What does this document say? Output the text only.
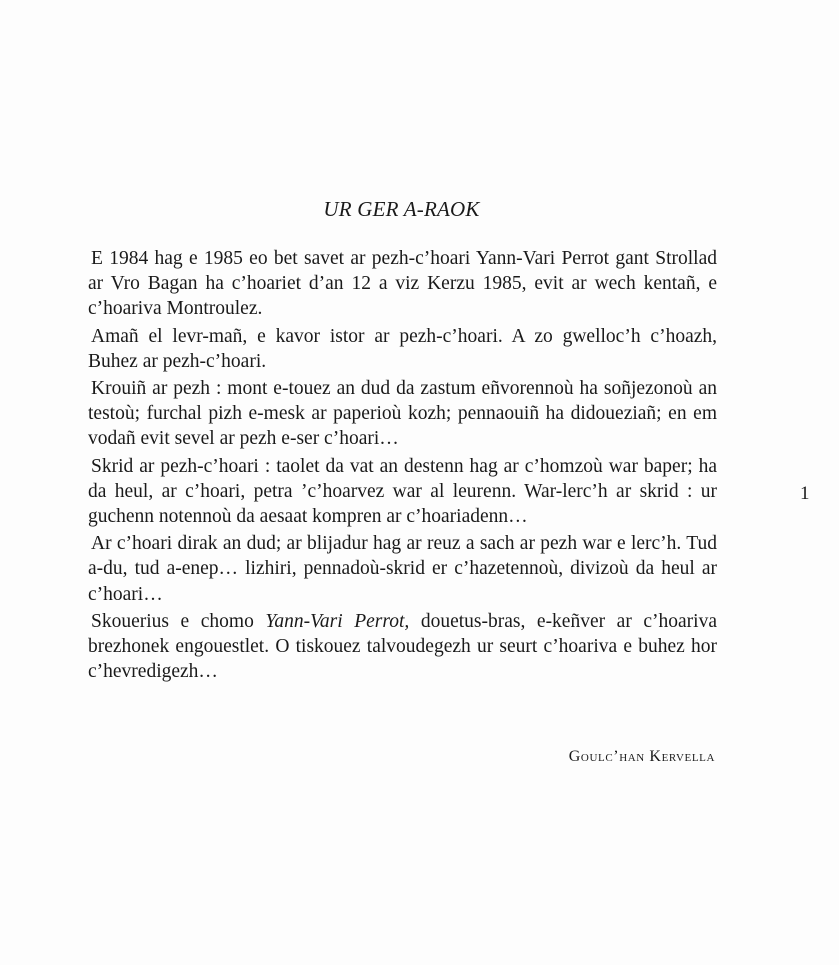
UR GER A-RAOK

E 1984 hag e 1985 eo bet savet ar pezh-c’hoari Yann-Vari Perrot gant Strollad ar Vro Bagan ha c’hoariet d’an 12 a viz Kerzu 1985, evit ar wech kentañ, e c’hoariva Montroulez.

Amañ el levr-mañ, e kavor istor ar pezh-c’hoari. A zo gwelloc’h c’hoazh, Buhez ar pezh-c’hoari.

Krouiñ ar pezh : mont e-touez an dud da zastum eñvorennoù ha soñjezonoù an testoù; furchal pizh e-mesk ar paperioù kozh; pennaouiñ ha didoueziañ; en em vodañ evit sevel ar pezh e-ser c’hoari…

Skrid ar pezh-c’hoari : taolet da vat an destenn hag ar c’homzoù war baper; ha da heul, ar c’hoari, petra ’c’hoarvez war al leurenn. War-lerc’h ar skrid : ur guchenn notennoù da aesaat kompren ar c’hoariadenn…

Ar c’hoari dirak an dud; ar blijadur hag ar reuz a sach ar pezh war e lerc’h. Tud a-du, tud a-enep… lizhiri, pennadoù-skrid er c’hazetennoù, divizoù da heul ar c’hoari…

Skouerius e chomo Yann-Vari Perrot, douetus-bras, e-keñver ar c’hoariva brezhonek engouestlet. O tiskouez talvoudegezh ur seurt c’hoariva e buhez hor c’hevredigezh…

Goulc’han Kervella
1
